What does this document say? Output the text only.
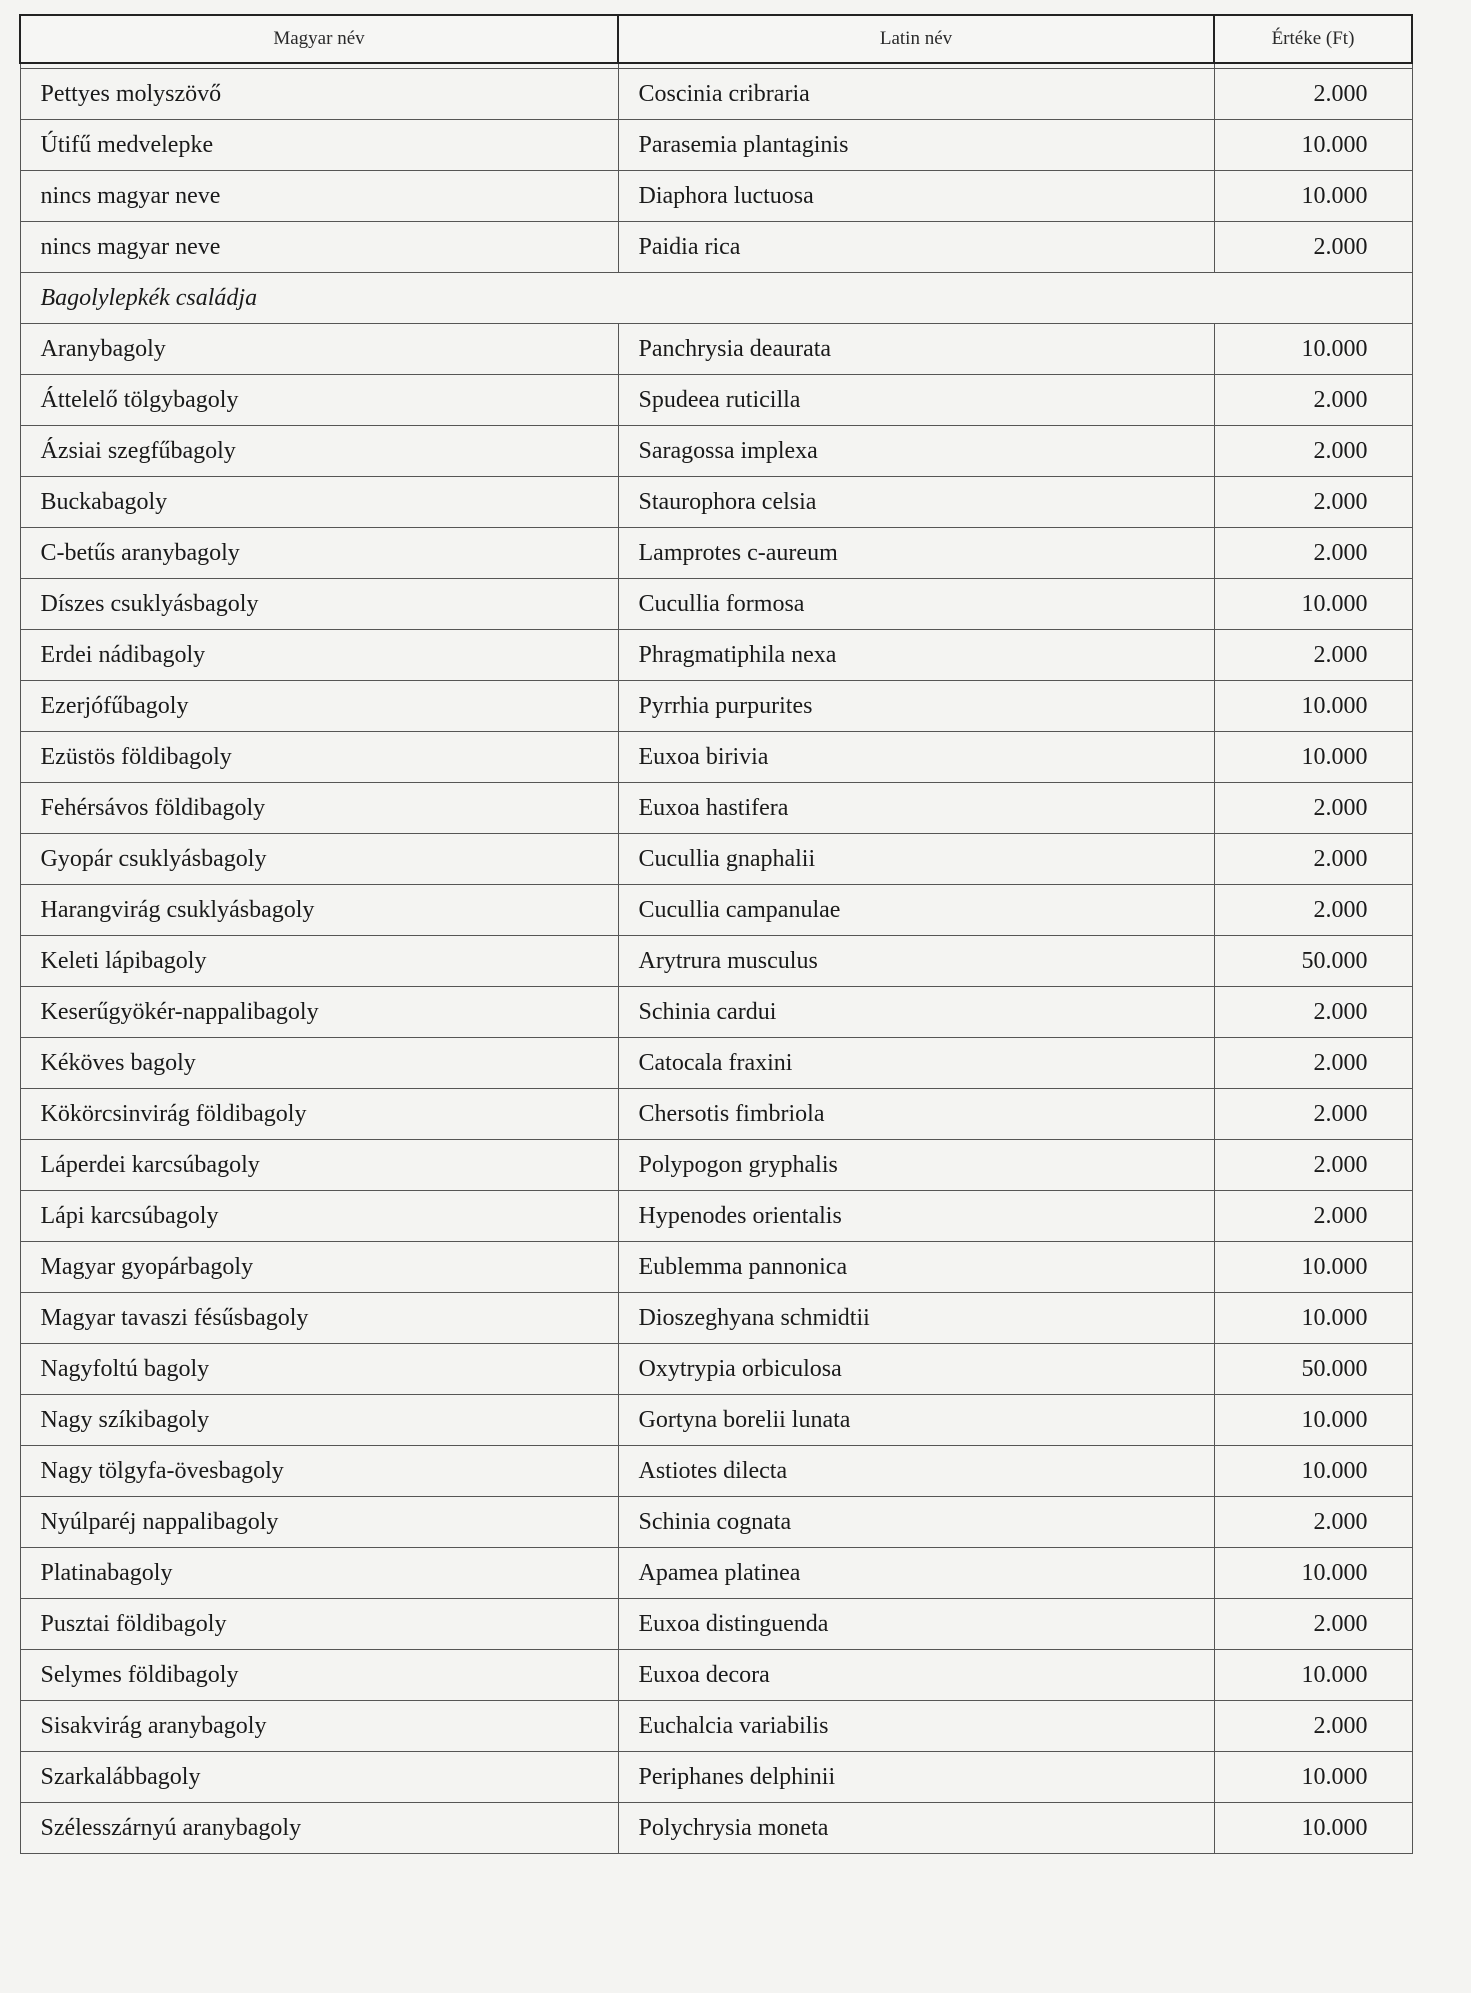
Magyar név	Latin név	Értéke (Ft)

Pettyes molyszövő	Coscinia cribraria	2.000
Útifű medvelepke	Parasemia plantaginis	10.000
nincs magyar neve	Diaphora luctuosa	10.000
nincs magyar neve	Paidia rica	2.000
Bagolylepkék családja		
Aranybagoly	Panchrysia deaurata	10.000
Áttelelő tölgybagoly	Spudeea ruticilla	2.000
Ázsiai szegfűbagoly	Saragossa implexa	2.000
Buckabagoly	Staurophora celsia	2.000
C-betűs aranybagoly	Lamprotes c-aureum	2.000
Díszes csuklyásbagoly	Cucullia formosa	10.000
Erdei nádibagoly	Phragmatiphila nexa	2.000
Ezerjófűbagoly	Pyrrhia purpurites	10.000
Ezüstös földibagoly	Euxoa birivia	10.000
Fehérsávos földibagoly	Euxoa hastifera	2.000
Gyopár csuklyásbagoly	Cucullia gnaphalii	2.000
Harangvirág csuklyásbagoly	Cucullia campanulae	2.000
Keleti lápibagoly	Arytrura musculus	50.000
Keserűgyökér-nappalibagoly	Schinia cardui	2.000
Kéköves bagoly	Catocala fraxini	2.000
Kökörcsinvirág földibagoly	Chersotis fimbriola	2.000
Láperdei karcsúbagoly	Polypogon gryphalis	2.000
Lápi karcsúbagoly	Hypenodes orientalis	2.000
Magyar gyopárbagoly	Eublemma pannonica	10.000
Magyar tavaszi fésűsbagoly	Dioszeghyana schmidtii	10.000
Nagyfoltú bagoly	Oxytrypia orbiculosa	50.000
Nagy szíkibagoly	Gortyna borelii lunata	10.000
Nagy tölgyfa-övesbagoly	Astiotes dilecta	10.000
Nyúlparéj nappalibagoly	Schinia cognata	2.000
Platinabagoly	Apamea platinea	10.000
Pusztai földibagoly	Euxoa distinguenda	2.000
Selymes földibagoly	Euxoa decora	10.000
Sisakvirág aranybagoly	Euchalcia variabilis	2.000
Szarkalábbagoly	Periphanes delphinii	10.000
Szélesszárnyú aranybagoly	Polychrysia moneta	10.000
